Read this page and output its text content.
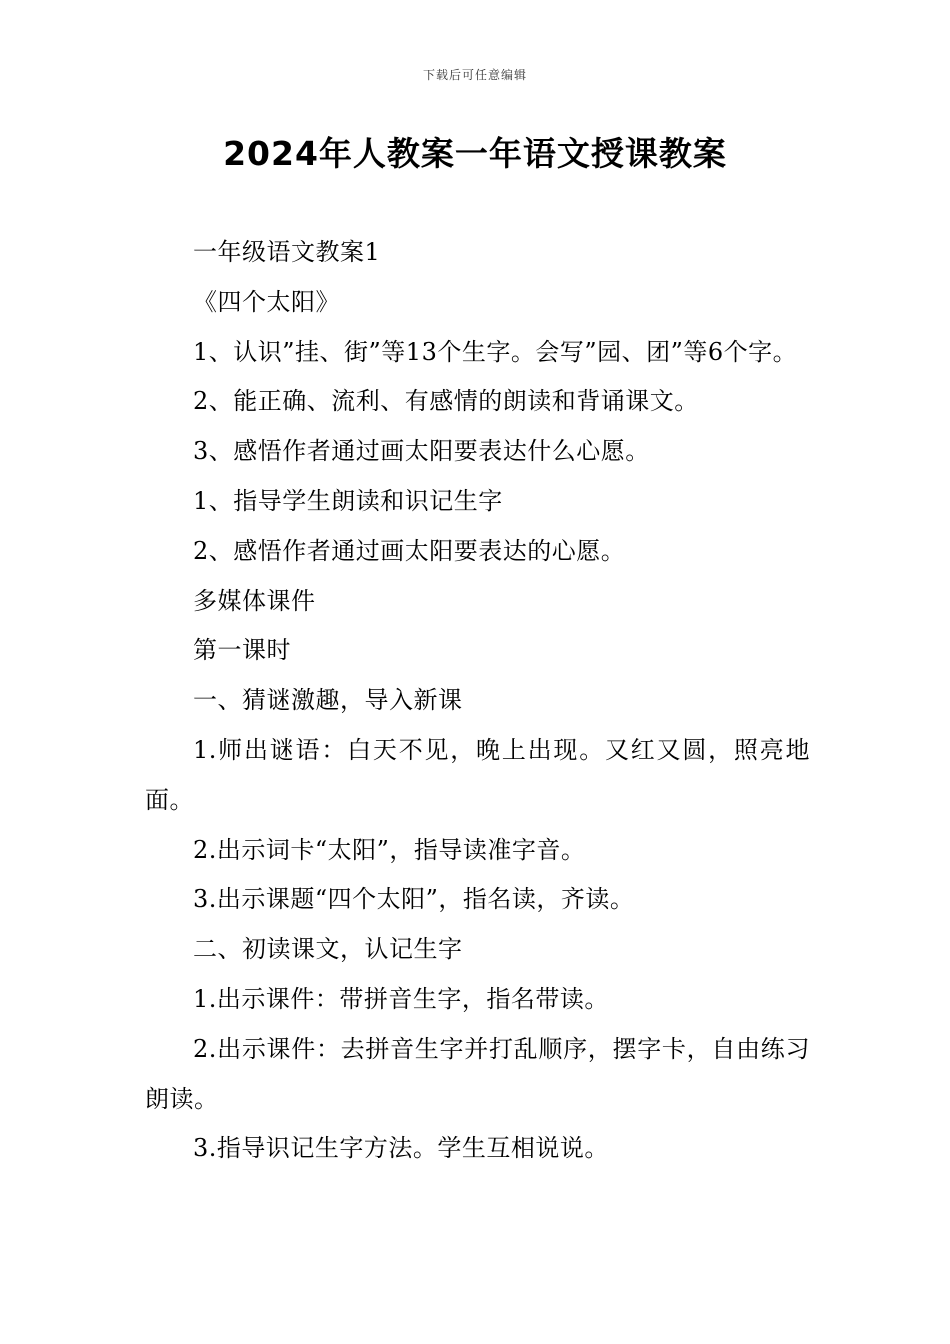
下载后可任意编辑
2024年人教案一年语文授课教案

一年级语文教案1

《四个太阳》

1、认识”挂、街”等13个生字。会写”园、团”等6个字。

2、能正确、流利、有感情的朗读和背诵课文。

3、感悟作者通过画太阳要表达什么心愿。

1、指导学生朗读和识记生字

2、感悟作者通过画太阳要表达的心愿。

多媒体课件

第一课时

一、猜谜激趣，导入新课

1.师出谜语：白天不见，晚上出现。又红又圆，照亮地面。

2.出示词卡“太阳”，指导读准字音。

3.出示课题“四个太阳”，指名读，齐读。

二、初读课文，认记生字

1.出示课件：带拼音生字，指名带读。

2.出示课件：去拼音生字并打乱顺序，摆字卡，自由练习朗读。

3.指导识记生字方法。学生互相说说。
